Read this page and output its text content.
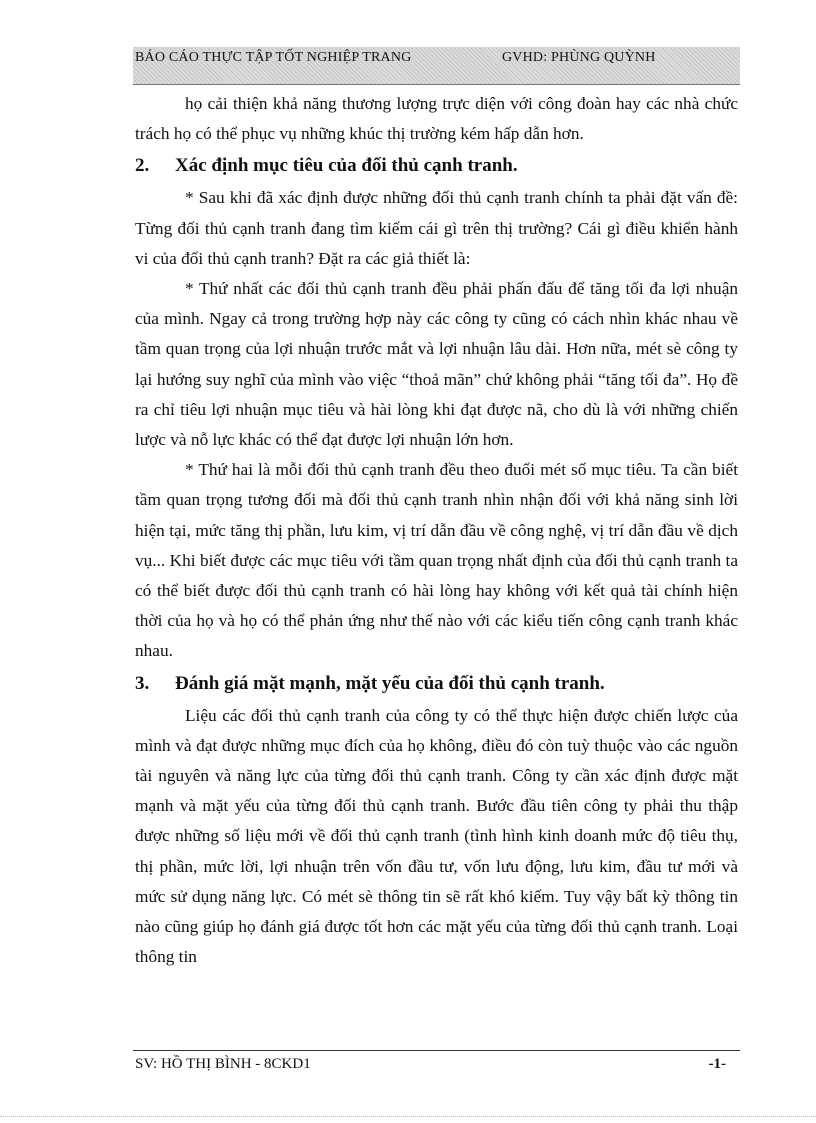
BÁO CÁO THỰC TẬP TỐT NGHIỆP TRANG	GVHD: PHÙNG QUỲNH

họ cải thiện khả năng thương lượng trực diện với công đoàn hay các nhà chức trách họ có thể phục vụ những khúc thị trường kém hấp dẫn hơn.

2.	Xác định mục tiêu của đối thủ cạnh tranh.

* Sau khi đã xác định được những đối thủ cạnh tranh chính ta phải đặt vấn đề: Từng đối thủ cạnh tranh đang tìm kiếm cái gì trên thị trường? Cái gì điều khiển hành vi của đối thủ cạnh tranh? Đặt ra các giả thiết là:

* Thứ nhất các đối thủ cạnh tranh đều phải phấn đấu để tăng tối đa lợi nhuận của mình. Ngay cả trong trường hợp này các công ty cũng có cách nhìn khác nhau về tầm quan trọng của lợi nhuận trước mắt và lợi nhuận lâu dài. Hơn nữa, mét sè công ty lại hướng suy nghĩ của mình vào việc “thoả mãn” chứ không phải “tăng tối đa”. Họ đề ra chỉ tiêu lợi nhuận mục tiêu và hài lòng khi đạt được nã, cho dù là với những chiến lược và nỗ lực khác có thể đạt được lợi nhuận lớn hơn.

* Thứ hai là mỗi đối thủ cạnh tranh đều theo đuổi mét số mục tiêu. Ta cần biết tầm quan trọng tương đối mà đối thủ cạnh tranh nhìn nhận đối với khả năng sinh lời hiện tại, mức tăng thị phần, lưu kim, vị trí dẫn đầu về công nghệ, vị trí dẫn đầu về dịch vụ... Khi biết được các mục tiêu với tầm quan trọng nhất định của đối thủ cạnh tranh ta có thể biết được đối thủ cạnh tranh có hài lòng hay không với kết quả tài chính hiện thời của họ và họ có thể phản ứng như thế nào với các kiểu tiến công cạnh tranh khác nhau.

3.	Đánh giá mặt mạnh, mặt yếu của đối thủ cạnh tranh.

Liệu các đối thủ cạnh tranh của công ty có thể thực hiện được chiến lược của mình và đạt được những mục đích của họ không, điều đó còn tuỳ thuộc vào các nguồn tài nguyên và năng lực của từng đối thủ cạnh tranh. Công ty cần xác định được mặt mạnh và mặt yếu của từng đối thủ cạnh tranh. Bước đầu tiên công ty phải thu thập được những số liệu mới về đối thủ cạnh tranh (tình hình kinh doanh mức độ tiêu thụ, thị phần, mức lời, lợi nhuận trên vốn đầu tư, vốn lưu động, lưu kim, đầu tư mới và mức sử dụng năng lực. Có mét sè thông tin sẽ rất khó kiếm. Tuy vậy bất kỳ thông tin nào cũng giúp họ đánh giá được tốt hơn các mặt yếu của từng đối thủ cạnh tranh. Loại thông tin

SV: HỒ THỊ BÌNH - 8CKD1	-1-
